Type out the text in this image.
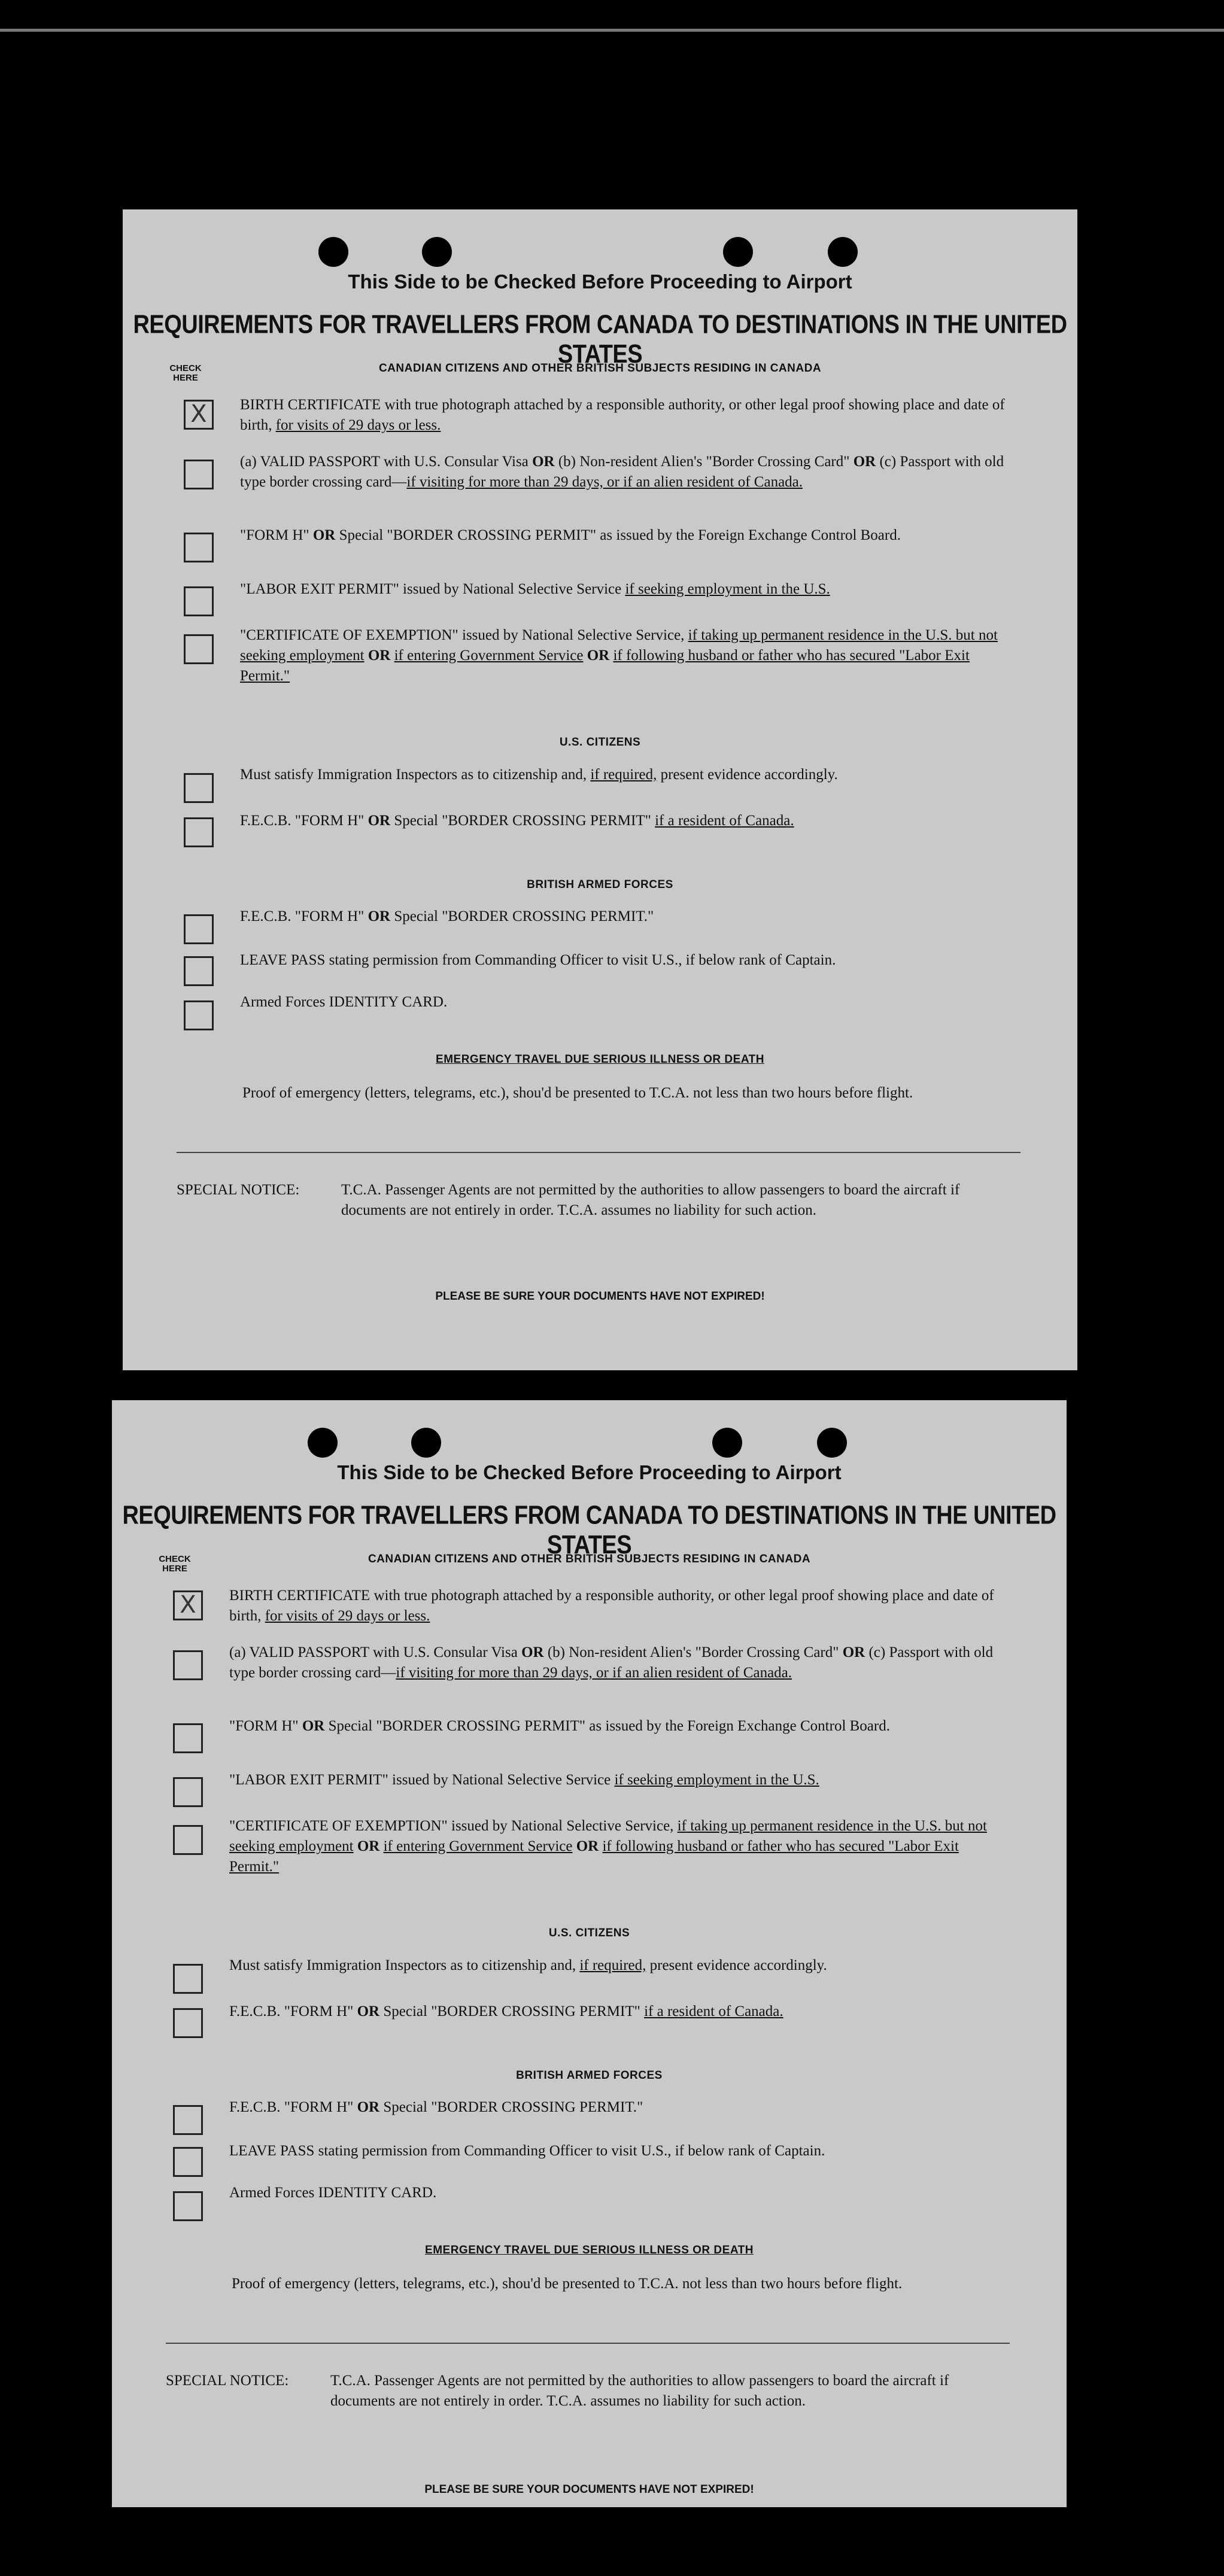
This Side to be Checked Before Proceeding to Airport
REQUIREMENTS FOR TRAVELLERS FROM CANADA TO DESTINATIONS IN THE UNITED STATES
CHECK HERE
CANADIAN CITIZENS AND OTHER BRITISH SUBJECTS RESIDING IN CANADA
X	BIRTH CERTIFICATE with true photograph attached by a responsible authority, or other legal proof showing place and date of birth, for visits of 29 days or less.
(a) VALID PASSPORT with U.S. Consular Visa OR (b) Non-resident Alien's "Border Crossing Card" OR (c) Passport with old type border crossing card—if visiting for more than 29 days, or if an alien resident of Canada.
"FORM H" OR Special "BORDER CROSSING PERMIT" as issued by the Foreign Exchange Control Board.
"LABOR EXIT PERMIT" issued by National Selective Service if seeking employment in the U.S.
"CERTIFICATE OF EXEMPTION" issued by National Selective Service, if taking up permanent residence in the U.S. but not seeking employment OR if entering Government Service OR if following husband or father who has secured "Labor Exit Permit."
U.S. CITIZENS
Must satisfy Immigration Inspectors as to citizenship and, if required, present evidence accordingly.
F.E.C.B. "FORM H" OR Special "BORDER CROSSING PERMIT" if a resident of Canada.
BRITISH ARMED FORCES
F.E.C.B. "FORM H" OR Special "BORDER CROSSING PERMIT."
LEAVE PASS stating permission from Commanding Officer to visit U.S., if below rank of Captain.
Armed Forces IDENTITY CARD.
EMERGENCY TRAVEL DUE SERIOUS ILLNESS OR DEATH
Proof of emergency (letters, telegrams, etc.), shou'd be presented to T.C.A. not less than two hours before flight.
SPECIAL NOTICE:	T.C.A. Passenger Agents are not permitted by the authorities to allow passengers to board the aircraft if documents are not entirely in order. T.C.A. assumes no liability for such action.
PLEASE BE SURE YOUR DOCUMENTS HAVE NOT EXPIRED!
This Side to be Checked Before Proceeding to Airport
REQUIREMENTS FOR TRAVELLERS FROM CANADA TO DESTINATIONS IN THE UNITED STATES
CHECK HERE
CANADIAN CITIZENS AND OTHER BRITISH SUBJECTS RESIDING IN CANADA
X	BIRTH CERTIFICATE with true photograph attached by a responsible authority, or other legal proof showing place and date of birth, for visits of 29 days or less.
(a) VALID PASSPORT with U.S. Consular Visa OR (b) Non-resident Alien's "Border Crossing Card" OR (c) Passport with old type border crossing card—if visiting for more than 29 days, or if an alien resident of Canada.
"FORM H" OR Special "BORDER CROSSING PERMIT" as issued by the Foreign Exchange Control Board.
"LABOR EXIT PERMIT" issued by National Selective Service if seeking employment in the U.S.
"CERTIFICATE OF EXEMPTION" issued by National Selective Service, if taking up permanent residence in the U.S. but not seeking employment OR if entering Government Service OR if following husband or father who has secured "Labor Exit Permit."
U.S. CITIZENS
Must satisfy Immigration Inspectors as to citizenship and, if required, present evidence accordingly.
F.E.C.B. "FORM H" OR Special "BORDER CROSSING PERMIT" if a resident of Canada.
BRITISH ARMED FORCES
F.E.C.B. "FORM H" OR Special "BORDER CROSSING PERMIT."
LEAVE PASS stating permission from Commanding Officer to visit U.S., if below rank of Captain.
Armed Forces IDENTITY CARD.
EMERGENCY TRAVEL DUE SERIOUS ILLNESS OR DEATH
Proof of emergency (letters, telegrams, etc.), shou'd be presented to T.C.A. not less than two hours before flight.
SPECIAL NOTICE:	T.C.A. Passenger Agents are not permitted by the authorities to allow passengers to board the aircraft if documents are not entirely in order. T.C.A. assumes no liability for such action.
PLEASE BE SURE YOUR DOCUMENTS HAVE NOT EXPIRED!
